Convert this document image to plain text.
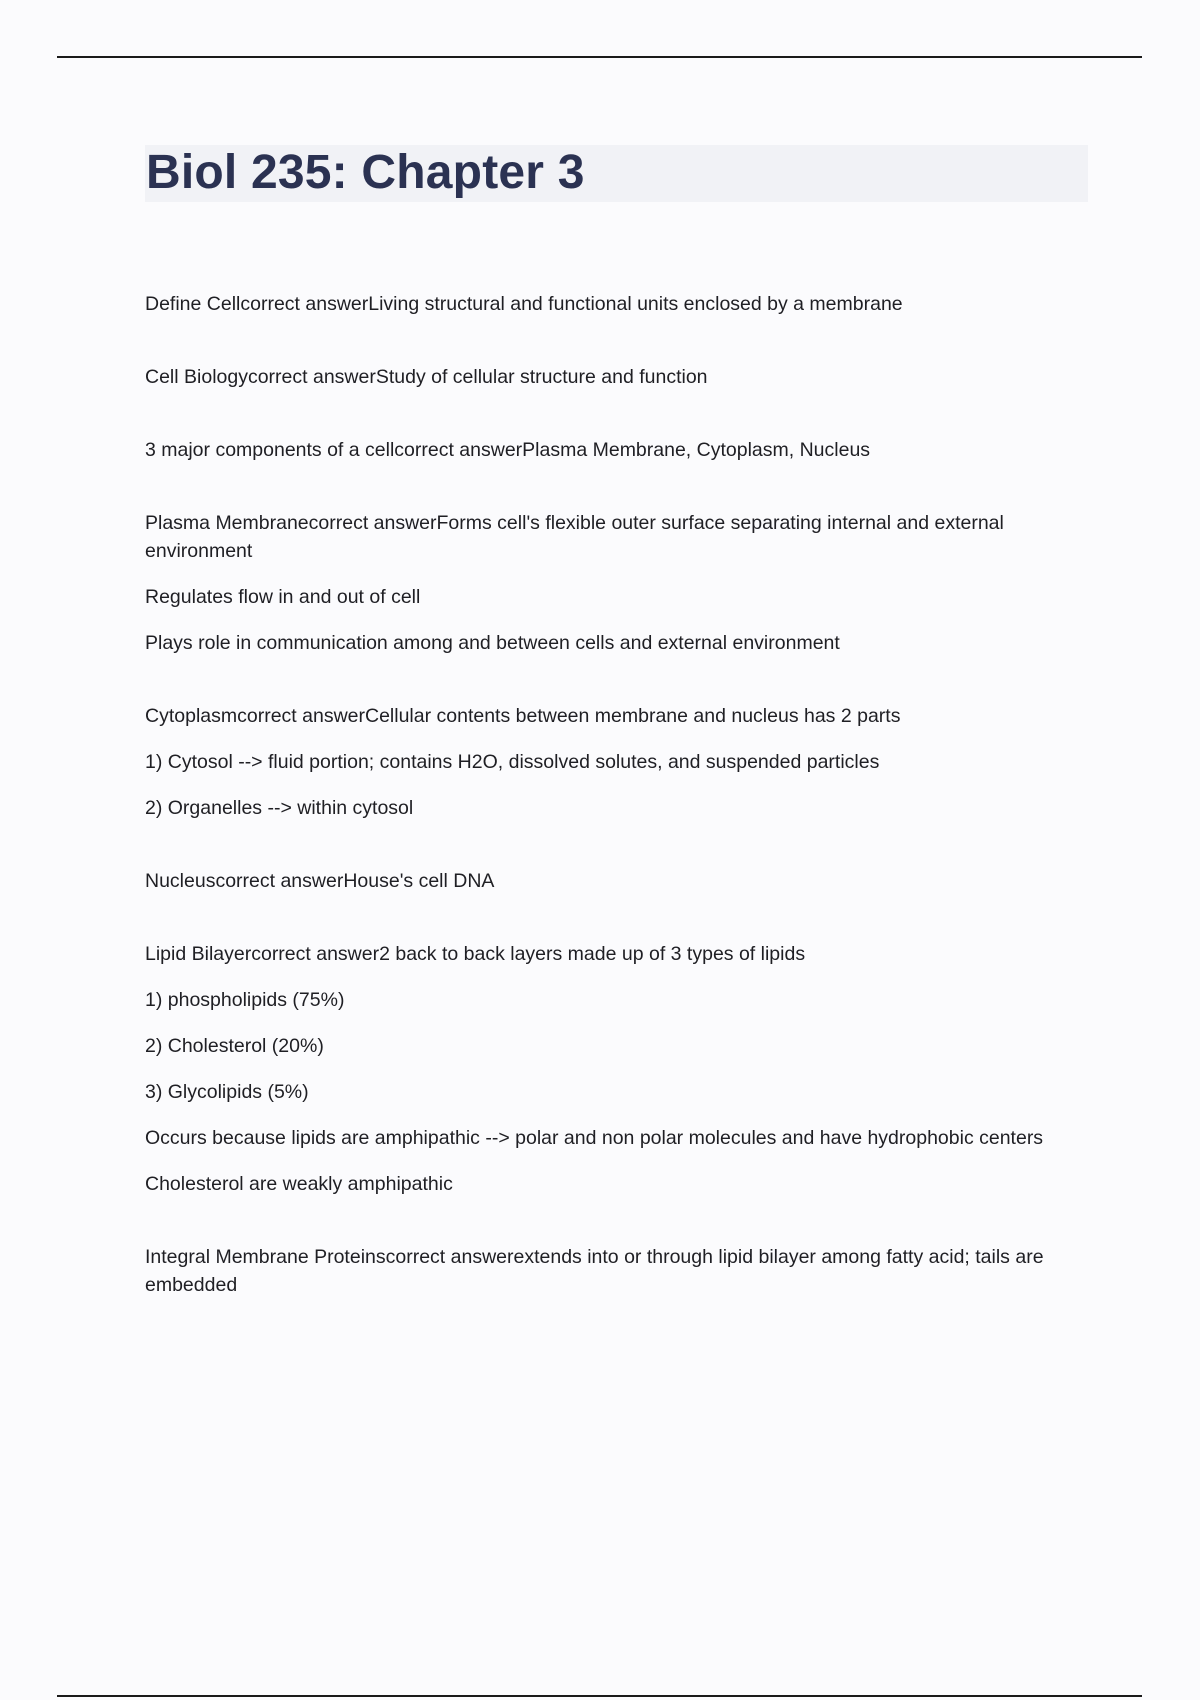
Biol 235: Chapter 3

Define Cellcorrect answerLiving structural and functional units enclosed by a membrane

Cell Biologycorrect answerStudy of cellular structure and function

3 major components of a cellcorrect answerPlasma Membrane, Cytoplasm, Nucleus

Plasma Membranecorrect answerForms cell's flexible outer surface separating internal and external environment

Regulates flow in and out of cell

Plays role in communication among and between cells and external environment

Cytoplasmcorrect answerCellular contents between membrane and nucleus has 2 parts

1) Cytosol --> fluid portion; contains H2O, dissolved solutes, and suspended particles

2) Organelles --> within cytosol

Nucleuscorrect answerHouse's cell DNA

Lipid Bilayercorrect answer2 back to back layers made up of 3 types of lipids

1) phospholipids (75%)

2) Cholesterol (20%)

3) Glycolipids (5%)

Occurs because lipids are amphipathic --> polar and non polar molecules and have hydrophobic centers

Cholesterol are weakly amphipathic

Integral Membrane Proteinscorrect answerextends into or through lipid bilayer among fatty acid; tails are embedded
